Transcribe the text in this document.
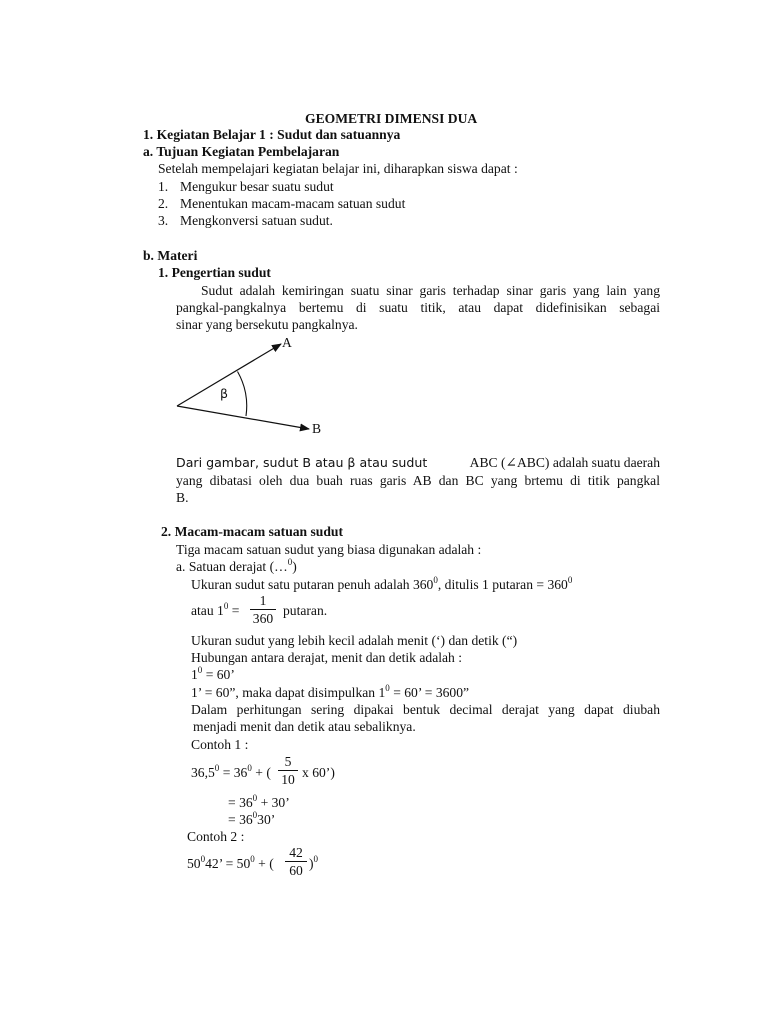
GEOMETRI DIMENSI DUA
1. Kegiatan Belajar 1 : Sudut dan satuannya
a. Tujuan Kegiatan Pembelajaran
Setelah mempelajari kegiatan belajar ini, diharapkan siswa dapat :
1. Mengukur besar suatu sudut
2. Menentukan macam-macam satuan sudut
3. Mengkonversi satuan sudut.
b. Materi
1. Pengertian sudut
Sudut adalah kemiringan suatu sinar garis terhadap sinar garis yang lain yang
pangkal-pangkalnya bertemu di suatu titik, atau dapat didefinisikan sebagai
sinar yang bersekutu pangkalnya.
A
B
β
Dari gambar, sudut B atau β atau sudut	ABC (∠ABC) adalah suatu daerah
yang dibatasi oleh dua buah ruas garis AB dan BC yang brtemu di titik pangkal
B.
2. Macam-macam satuan sudut
Tiga macam satuan sudut yang biasa digunakan adalah :
a. Satuan derajat (…$^0$)
Ukuran sudut satu putaran penuh adalah $360^0$, ditulis 1 putaran = $360^0$
atau $1^0$ =
1
360
putaran.
Ukuran sudut yang lebih kecil adalah menit (‘) dan detik (“)
Hubungan antara derajat, menit dan detik adalah :
$1^0 = 60$’
1’ = 60”, maka dapat disimpulkan $1^0 = 60$’ = 3600”
Dalam perhitungan sering dipakai bentuk decimal derajat yang dapat diubah
menjadi menit dan detik atau sebaliknya.
Contoh 1 :
$36,5^0 = 36^0$ + (
5
10 x 60’)
= $36^0 + 30$’
= $36^030$’
Contoh 2 :
$50^042$’ = $50^0$ + (
42
60 )$^0$
